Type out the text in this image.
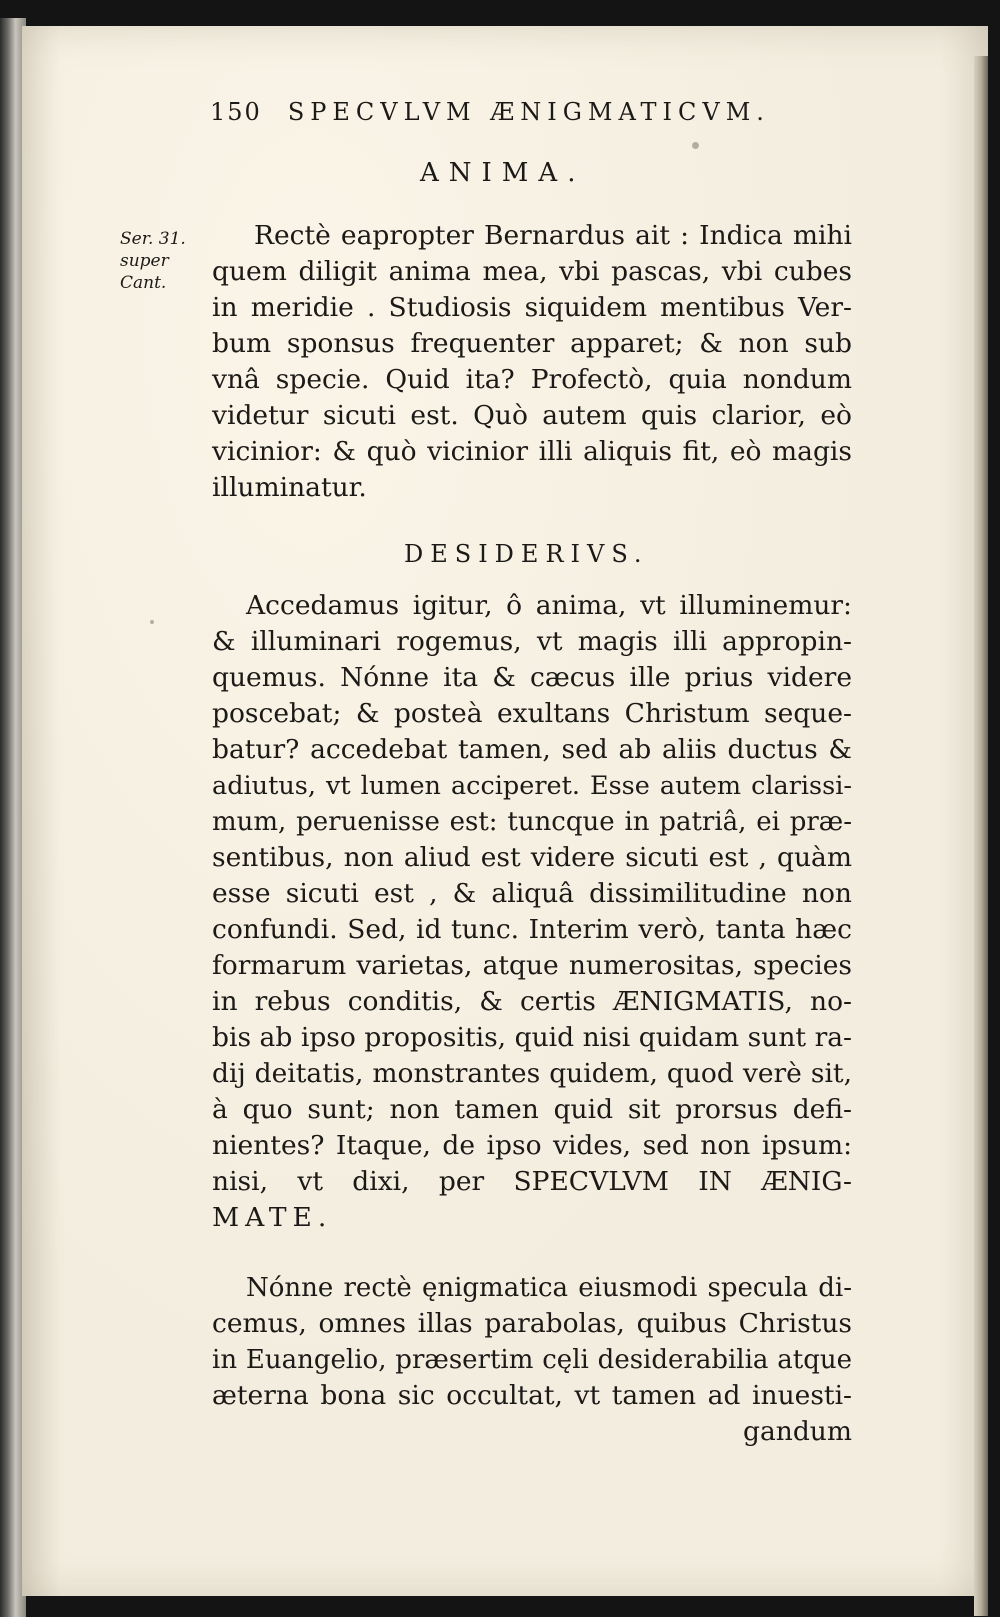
150 SPECVLVM ÆNIGMATICVM.
ANIMA.
Ser. 31.
super
Cant.
Rectè eapropter Bernardus ait : Indica mihi
quem diligit anima mea, vbi pascas, vbi cubes
in meridie . Studiosis siquidem mentibus Ver-
bum sponsus frequenter apparet; & non sub
vnâ specie. Quid ita? Profectò, quia nondum
videtur sicuti est. Quò autem quis clarior, eò
vicinior: & quò vicinior illi aliquis fit, eò magis
illuminatur.
DESIDERIVS.
Accedamus igitur, ô anima, vt illuminemur:
& illuminari rogemus, vt magis illi appropin-
quemus. Nónne ita & cæcus ille prius videre
poscebat; & posteà exultans Christum seque-
batur? accedebat tamen, sed ab aliis ductus &
adiutus, vt lumen acciperet. Esse autem clarissi-
mum, peruenisse est: tuncque in patriâ, ei præ-
sentibus, non aliud est videre sicuti est , quàm
esse sicuti est , & aliquâ dissimilitudine non
confundi. Sed, id tunc. Interim verò, tanta hæc
formarum varietas, atque numerositas, species
in rebus conditis, & certis ÆNIGMATIS, no-
bis ab ipso propositis, quid nisi quidam sunt ra-
dij deitatis, monstrantes quidem, quod verè sit,
à quo sunt; non tamen quid sit prorsus defi-
nientes? Itaque, de ipso vides, sed non ipsum:
nisi, vt dixi, per SPECVLVM IN ÆNIG-
MATE.
Nónne rectè ęnigmatica eiusmodi specula di-
cemus, omnes illas parabolas, quibus Christus
in Euangelio, præsertim cęli desiderabilia atque
æterna bona sic occultat, vt tamen ad inuesti-
gandum
